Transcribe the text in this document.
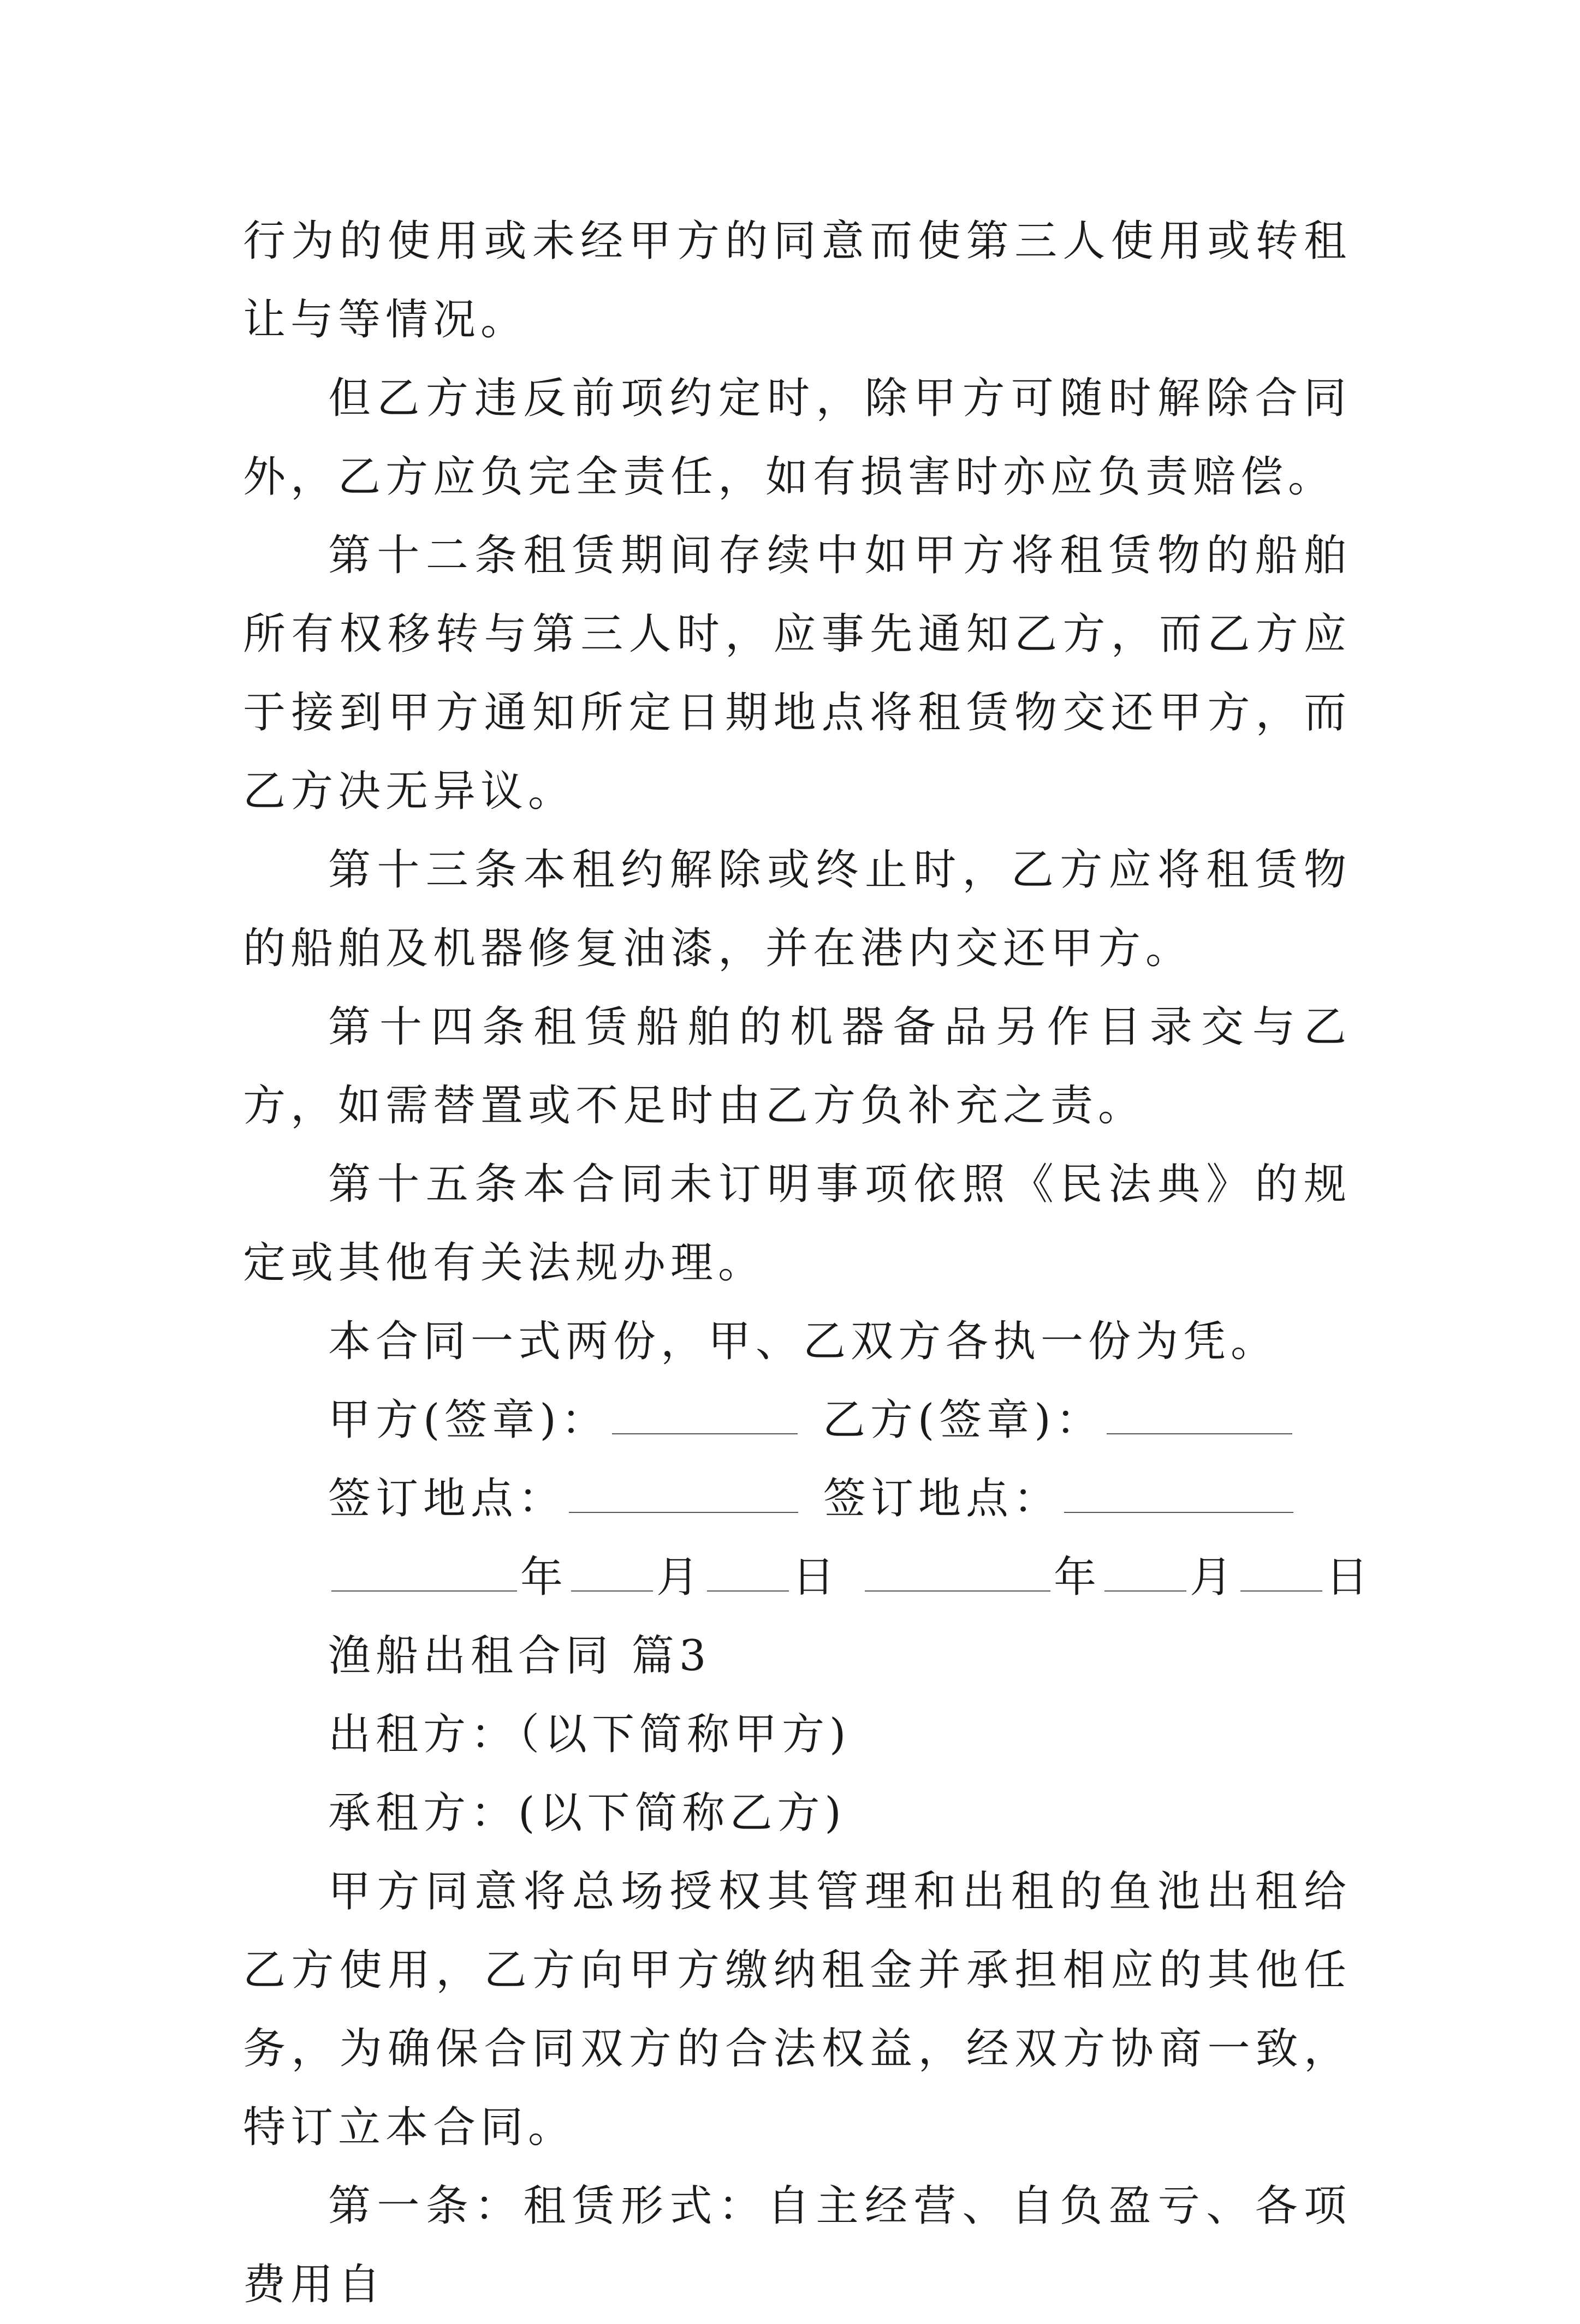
行为的使用或未经甲方的同意而使第三人使用或转租让与等情况。

但乙方违反前项约定时，除甲方可随时解除合同外，乙方应负完全责任，如有损害时亦应负责赔偿。

第十二条租赁期间存续中如甲方将租赁物的船舶所有权移转与第三人时，应事先通知乙方，而乙方应于接到甲方通知所定日期地点将租赁物交还甲方，而乙方决无异议。

第十三条本租约解除或终止时，乙方应将租赁物的船舶及机器修复油漆，并在港内交还甲方。

第十四条租赁船舶的机器备品另作目录交与乙方，如需替置或不足时由乙方负补充之责。

第十五条本合同未订明事项依照《民法典》的规定或其他有关法规办理。

本合同一式两份，甲、乙双方各执一份为凭。

甲方(签章)：	乙方(签章)：

签订地点：	签订地点：

年 月 日	年 月 日

渔船出租合同 篇3

出租方：（以下简称甲方)

承租方：(以下简称乙方)

甲方同意将总场授权其管理和出租的鱼池出租给乙方使用，乙方向甲方缴纳租金并承担相应的其他任务，为确保合同双方的合法权益，经双方协商一致，特订立本合同。

第一条：租赁形式：自主经营、自负盈亏、各项费用自
